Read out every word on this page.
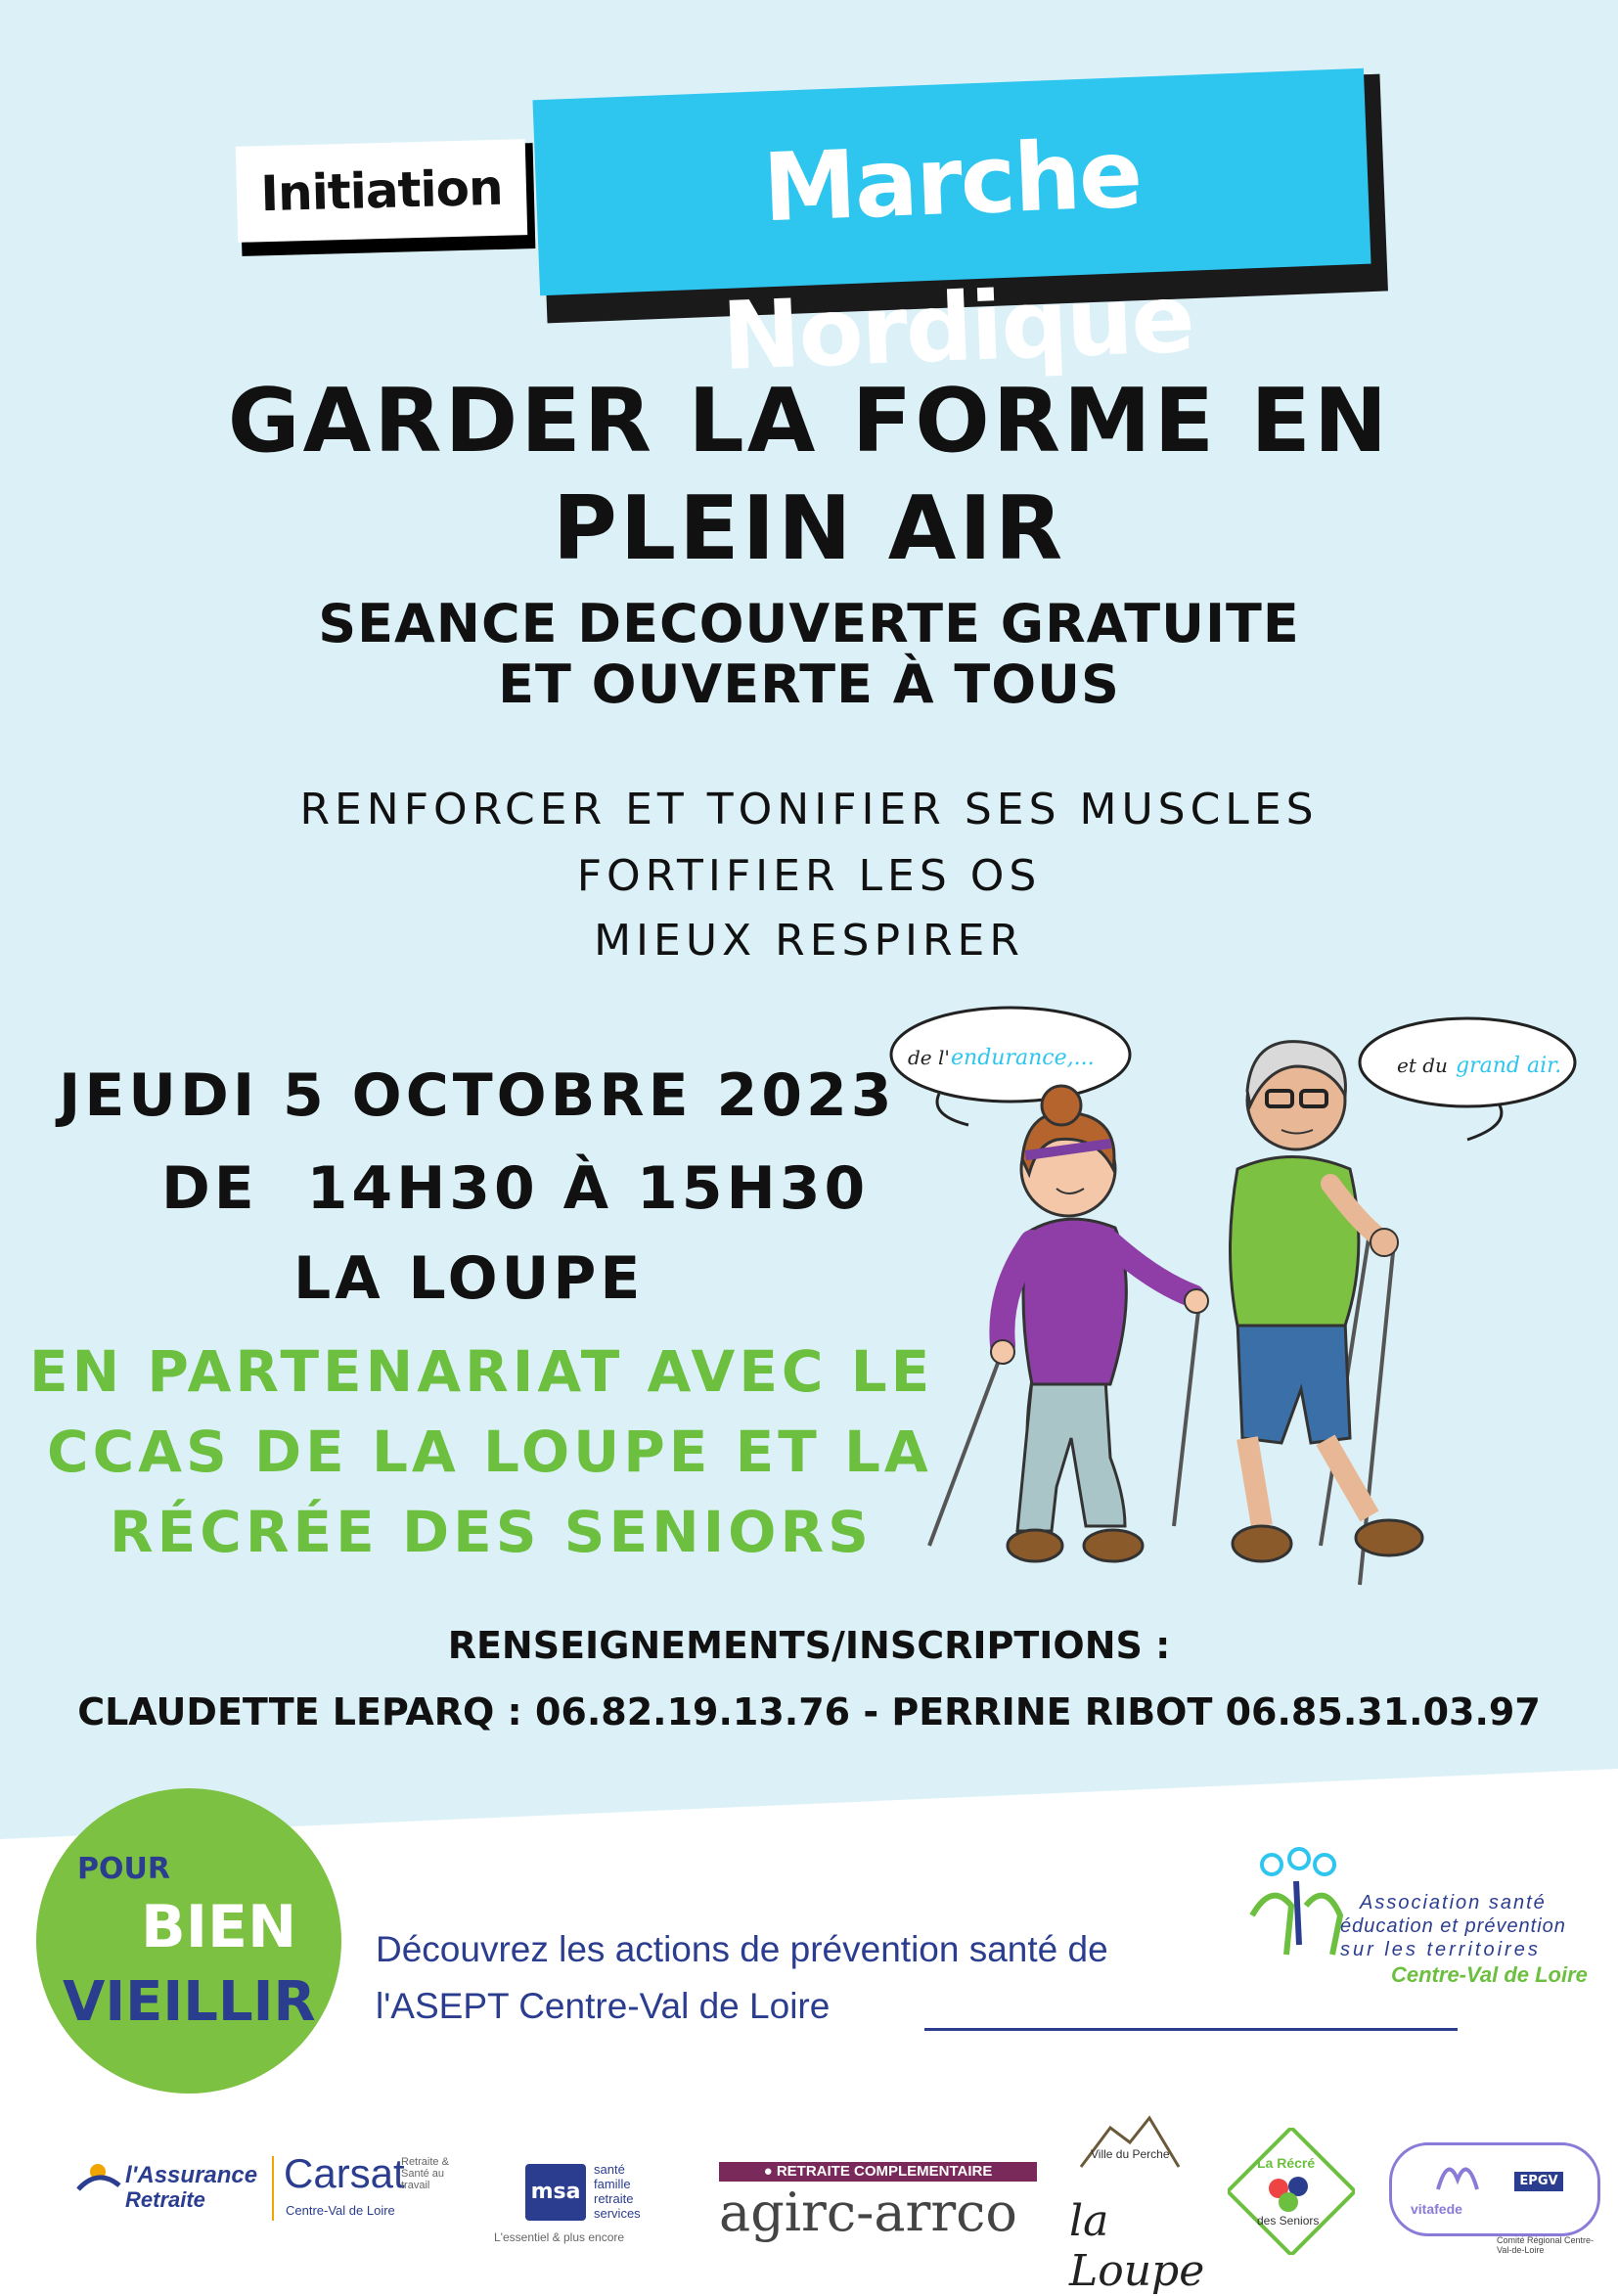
Marche Nordique
Initiation
GARDER LA FORME EN
PLEIN AIR
SEANCE DECOUVERTE GRATUITE
ET OUVERTE À TOUS
RENFORCER ET TONIFIER SES MUSCLES
FORTIFIER LES OS
MIEUX RESPIRER
JEUDI 5 OCTOBRE 2023
DE  14H30 À 15H30
LA LOUPE
EN PARTENARIAT AVEC LE
CCAS DE LA LOUPE ET LA
RÉCRÉE DES SENIORS
de l' endurance,...	et du grand air.
RENSEIGNEMENTS/INSCRIPTIONS :
CLAUDETTE LEPARQ : 06.82.19.13.76 - PERRINE RIBOT 06.85.31.03.97
POUR
BIEN
VIEILLIR
Découvrez les actions de prévention santé de
l'ASEPT Centre-Val de Loire
Association santé
éducation et prévention
sur les territoires
Centre-Val de Loire
l'Assurance
Retraite
Carsat
Retraite & Santé au travail
Centre-Val de Loire
msa
santé
famille
retraite
services
L'essentiel & plus encore
● RETRAITE COMPLEMENTAIRE
agirc-arrco
Ville du Perche
la Loupe
La Récré
des Seniors
vitafede
EPGV
Comité Régional Centre-Val-de-Loire
